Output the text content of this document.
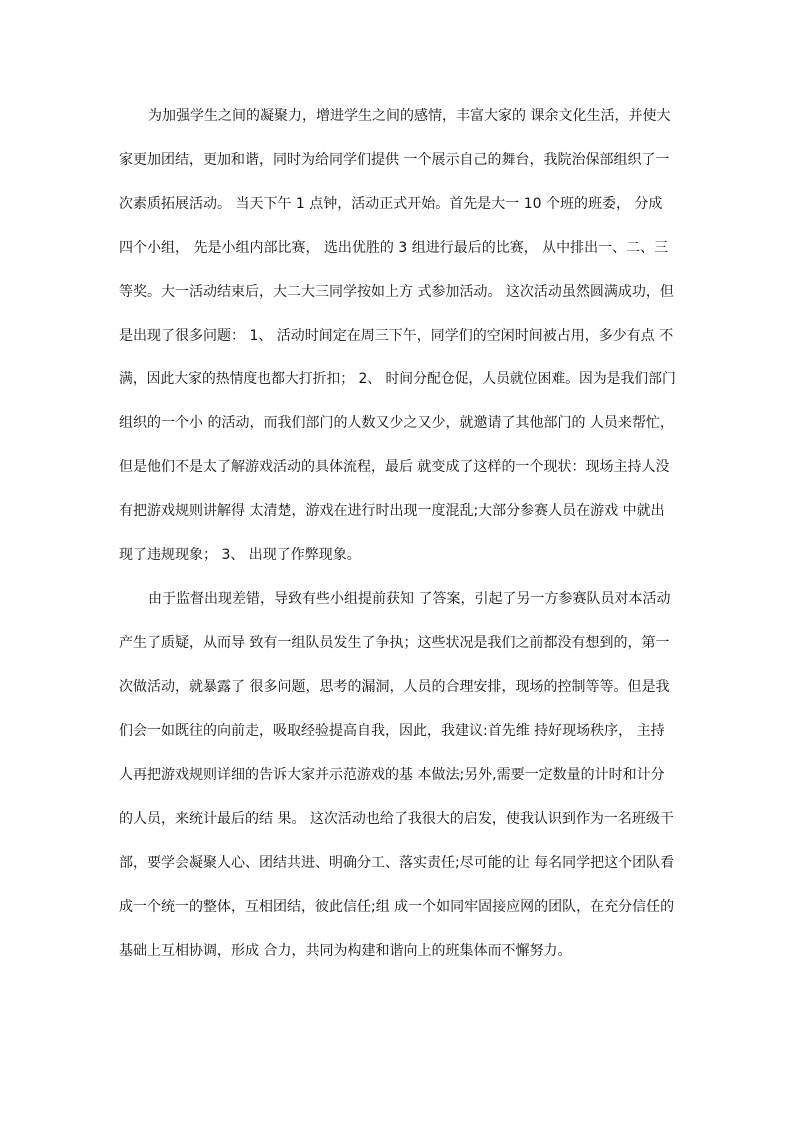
为加强学生之间的凝聚力，增进学生之间的感情，丰富大家的 课余文化生活，并使大
家更加团结，更加和谐，同时为给同学们提供 一个展示自己的舞台，我院治保部组织了一
次素质拓展活动。 当天下午 1 点钟，活动正式开始。首先是大一 10 个班的班委， 分成
四个小组， 先是小组内部比赛， 选出优胜的 3 组进行最后的比赛， 从中排出一、二、三
等奖。大一活动结束后，大二大三同学按如上方 式参加活动。 这次活动虽然圆满成功，但
是出现了很多问题： 1、 活动时间定在周三下午，同学们的空闲时间被占用，多少有点 不
满，因此大家的热情度也都大打折扣； 2、 时间分配仓促，人员就位困难。因为是我们部门
组织的一个小 的活动，而我们部门的人数又少之又少，就邀请了其他部门的 人员来帮忙，
但是他们不是太了解游戏活动的具体流程，最后 就变成了这样的一个现状：现场主持人没
有把游戏规则讲解得 太清楚，游戏在进行时出现一度混乱;大部分参赛人员在游戏 中就出
现了违规现象； 3、 出现了作弊现象。
由于监督出现差错，导致有些小组提前获知 了答案，引起了另一方参赛队员对本活动
产生了质疑，从而导 致有一组队员发生了争执；这些状况是我们之前都没有想到的，第一
次做活动，就暴露了 很多问题，思考的漏洞，人员的合理安排，现场的控制等等。但是我
们会一如既往的向前走，吸取经验提高自我，因此，我建议:首先维 持好现场秩序， 主持
人再把游戏规则详细的告诉大家并示范游戏的基 本做法;另外,需要一定数量的计时和计分
的人员，来统计最后的结 果。 这次活动也给了我很大的启发，使我认识到作为一名班级干
部，要学会凝聚人心、团结共进、明确分工、落实责任;尽可能的让 每名同学把这个团队看
成一个统一的整体，互相团结，彼此信任;组 成一个如同牢固接应网的团队，在充分信任的
基础上互相协调，形成 合力，共同为构建和谐向上的班集体而不懈努力。
